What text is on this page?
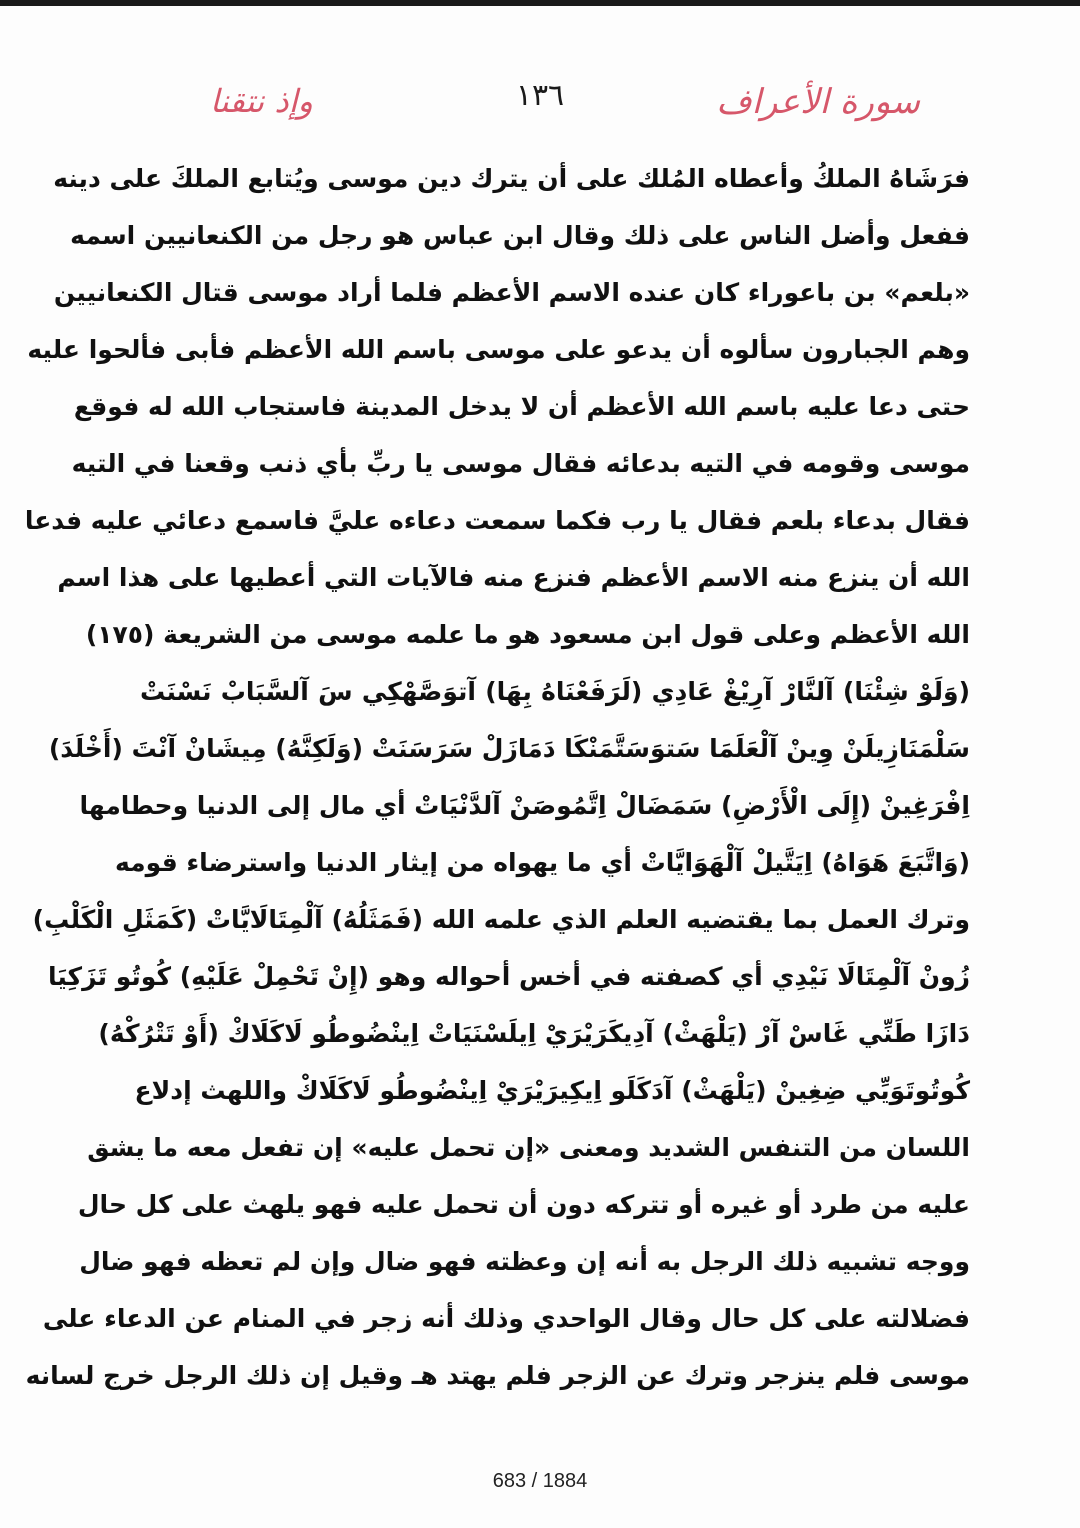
سورة الأعراف
١٣٦
وإذ نتقنا
فرَشَاهُ الملكُ وأعطاه المُلك على أن يترك دين موسى ويُتابع الملكَ على دينه
ففعل وأضل الناس على ذلك وقال ابن عباس هو رجل من الكنعانيين اسمه
«بلعم» بن باعوراء كان عنده الاسم الأعظم فلما أراد موسى قتال الكنعانيين
وهم الجبارون سألوه أن يدعو على موسى باسم الله الأعظم فأبى فألحوا عليه
حتى دعا عليه باسم الله الأعظم أن لا يدخل المدينة فاستجاب الله له فوقع
موسى وقومه في التيه بدعائه فقال موسى يا ربِّ بأي ذنب وقعنا في التيه
فقال بدعاء بلعم فقال يا رب فكما سمعت دعاءه عليَّ فاسمع دعائي عليه فدعا
الله أن ينزع منه الاسم الأعظم فنزع منه فالآيات التي أعطيها على هذا اسم
الله الأعظم وعلى قول ابن مسعود هو ما علمه موسى من الشريعة (١٧٥)
(وَلَوْ شِئْنَا) آلنَّارْ آرِيْغْ عَادِي (لَرَفَعْنَاهُ بِهَا) آتوَصَّهْكِي سَ آلسَّبَابْ نَسْنَتْ
سَلْمَنَازِيلَنْ وِينْ آلْعَلَمَا سَتوَسَتَّمَنْكَا دَمَازَلْ سَرَسَنَتْ (وَلَكِنَّهُ) مِيشَانْ آنْتَ (أَخْلَدَ)
اِفْرَغِينْ (إِلَى الْأَرْضِ) سَمَضَالْ اِتَّمُوصَنْ آلدَّنْيَاتْ أي مال إلى الدنيا وحطامها
(وَاتَّبَعَ هَوَاهُ) اِيَتَّيلْ آلْهَوَايَّاتْ أي ما يهواه من إيثار الدنيا واسترضاء قومه
وترك العمل بما يقتضيه العلم الذي علمه الله (فَمَثَلُهُ) آلْمِتَالَايَّاتْ (كَمَثَلِ الْكَلْبِ)
زُونْ آلْمِتَالَا نَيْدِي أي كصفته في أخس أحواله وهو (إِنْ تَحْمِلْ عَلَيْهِ) كُوتُو تَزَكِيَا
دَازَا طَنِّي غَاسْ آرْ (يَلْهَثْ) آدِيكَرَيْرَيْ اِيلَسْنَيَاتْ اِينْضُوطُو لَاكَلَاكْ (أَوْ تَتْرُكْهُ)
كُوتُوتَوَيِّي ضِغِينْ (يَلْهَثْ) آدَكَلَو اِيكِيرَيْرَيْ اِينْضُوطُو لَاكَلَاكْ واللهث إدلاع
اللسان من التنفس الشديد ومعنى «إن تحمل عليه» إن تفعل معه ما يشق
عليه من طرد أو غيره أو تتركه دون أن تحمل عليه فهو يلهث على كل حال
ووجه تشبيه ذلك الرجل به أنه إن وعظته فهو ضال وإن لم تعظه فهو ضال
فضلالته على كل حال وقال الواحدي وذلك أنه زجر في المنام عن الدعاء على
موسى فلم ينزجر وترك عن الزجر فلم يهتد هـ وقيل إن ذلك الرجل خرج لسانه
683 / 1884
